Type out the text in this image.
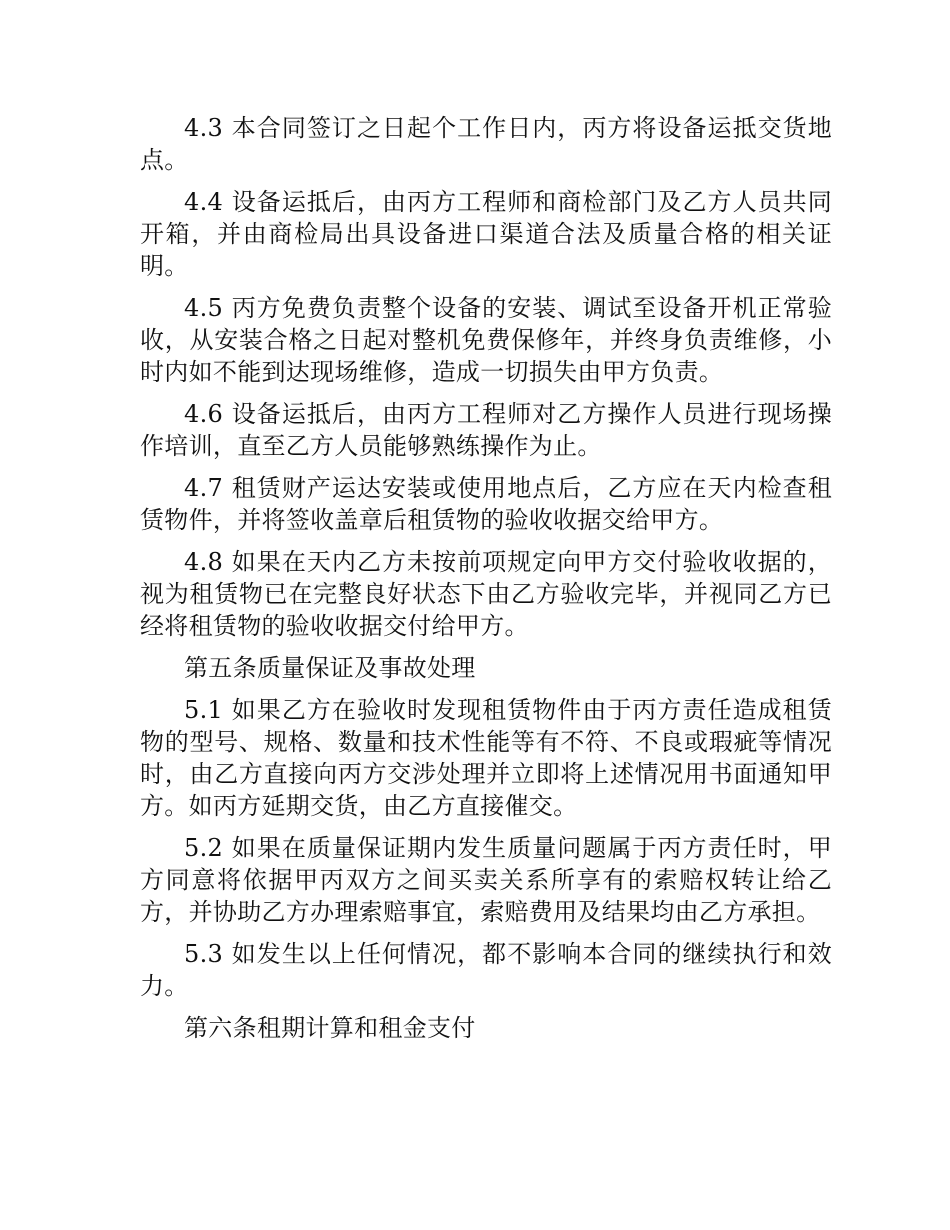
4.3 本合同签订之日起个工作日内，丙方将设备运抵交货地点。

4.4 设备运抵后，由丙方工程师和商检部门及乙方人员共同开箱，并由商检局出具设备进口渠道合法及质量合格的相关证明。

4.5 丙方免费负责整个设备的安装、调试至设备开机正常验收，从安装合格之日起对整机免费保修年，并终身负责维修，小时内如不能到达现场维修，造成一切损失由甲方负责。

4.6 设备运抵后，由丙方工程师对乙方操作人员进行现场操作培训，直至乙方人员能够熟练操作为止。

4.7 租赁财产运达安装或使用地点后，乙方应在天内检查租赁物件，并将签收盖章后租赁物的验收收据交给甲方。

4.8 如果在天内乙方未按前项规定向甲方交付验收收据的，视为租赁物已在完整良好状态下由乙方验收完毕，并视同乙方已经将租赁物的验收收据交付给甲方。

第五条质量保证及事故处理

5.1 如果乙方在验收时发现租赁物件由于丙方责任造成租赁物的型号、规格、数量和技术性能等有不符、不良或瑕疵等情况时，由乙方直接向丙方交涉处理并立即将上述情况用书面通知甲方。如丙方延期交货，由乙方直接催交。

5.2 如果在质量保证期内发生质量问题属于丙方责任时，甲方同意将依据甲丙双方之间买卖关系所享有的索赔权转让给乙方，并协助乙方办理索赔事宜，索赔费用及结果均由乙方承担。

5.3 如发生以上任何情况，都不影响本合同的继续执行和效力。

第六条租期计算和租金支付
